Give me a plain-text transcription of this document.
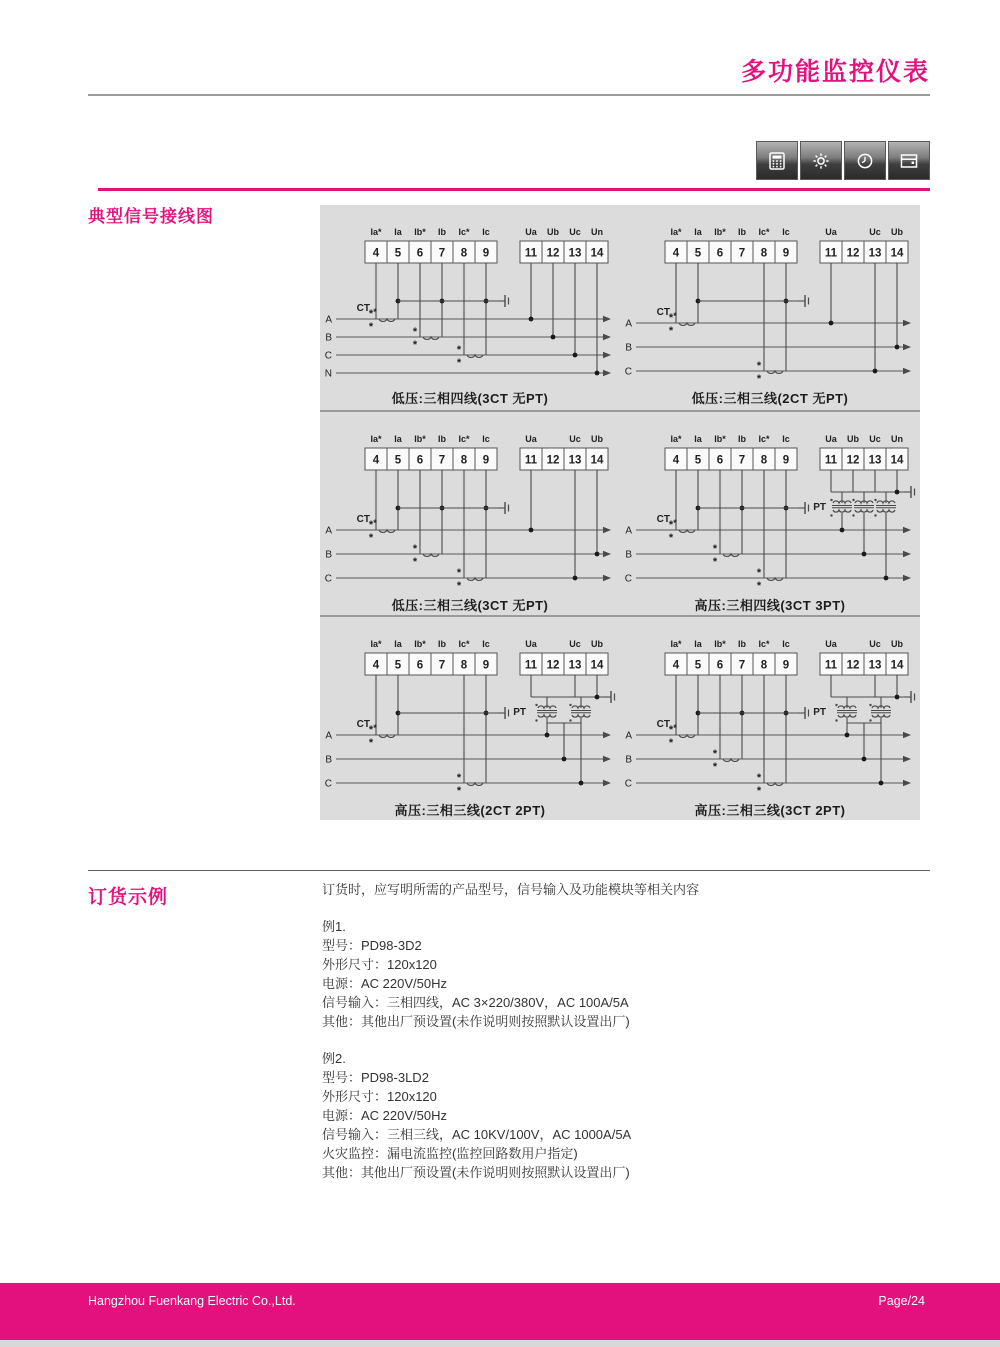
多功能监控仪表
典型信号接线图
A
B
C
N
4 5 6 7 8 9
Ia* Ia Ib* Ib Ic* Ic
11 12 13 14
Ua Ub Uc Un
*
*	*
*	*
*
CT *
低压:三相四线(3CT 无PT)
A
B
C
4 5 6 7 8 9
Ia* Ia Ib* Ib Ic* Ic
11 12 13 14
Ua	Uc Ub
*
*
*
*
CT *
低压:三相三线(2CT 无PT)
A
B
C
4 5 6 7 8 9
Ia* Ia Ib* Ib Ic* Ic
11 12 13 14
Ua	Uc Ub
*
*
*
*
*
*
CT *
低压:三相三线(3CT 无PT)
A
B
C
4 5 6 7 8 9
Ia* Ia Ib* Ib Ic* Ic
11 12 13 14
Ua Ub Uc Un
*
*
*
*
*
*
CT *
PT
高压:三相四线(3CT 3PT)
A
B
C
4 5 6 7 8 9
Ia* Ia Ib* Ib Ic* Ic
11 12 13 14
Ua	Uc Ub
*
*
*
*
CT *
PT
高压:三相三线(2CT 2PT)
A
B
C
4 5 6 7 8 9
Ia* Ia Ib* Ib Ic* Ic
11 12 13 14
Ua	Uc Ub
*
*
*
*
*
*
CT *
PT
高压:三相三线(3CT 2PT)
订货示例	订货时，应写明所需的产品型号，信号输入及功能模块等相关内容
例1.
型号：PD98-3D2
外形尺寸：120x120
电源：AC 220V/50Hz
信号输入：三相四线，AC 3×220/380V，AC 100A/5A
其他：其他出厂预设置(未作说明则按照默认设置出厂)
例2.
型号：PD98-3LD2
外形尺寸：120x120
电源：AC 220V/50Hz
信号输入：三相三线，AC 10KV/100V，AC 1000A/5A
火灾监控：漏电流监控(监控回路数用户指定)
其他：其他出厂预设置(未作说明则按照默认设置出厂)
Page/24
Hangzhou Fuenkang Electric Co.,Ltd.
